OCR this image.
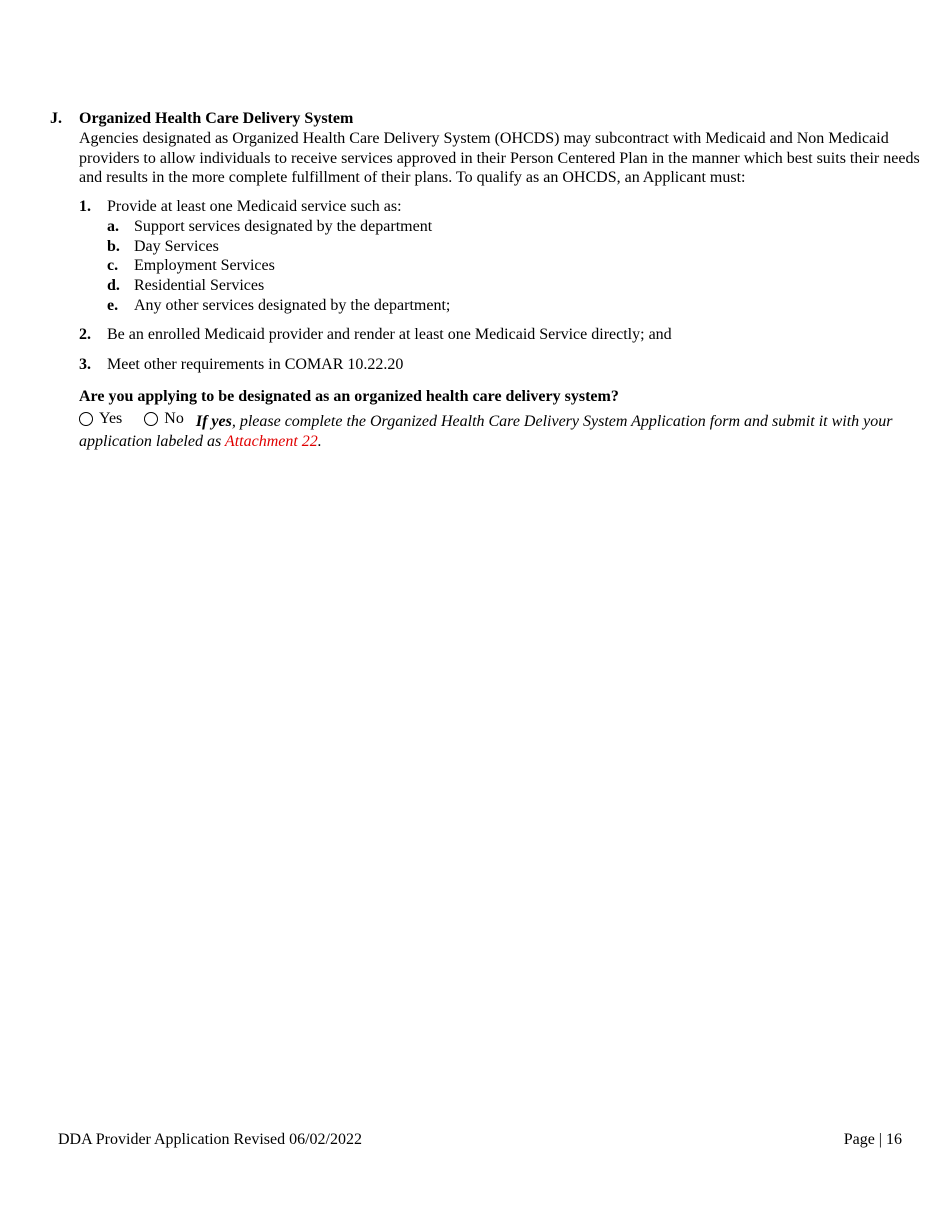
J.	Organized Health Care Delivery System
Agencies designated as Organized Health Care Delivery System (OHCDS) may subcontract with Medicaid and Non Medicaid providers to allow individuals to receive services approved in their Person Centered Plan in the manner which best suits their needs and results in the more complete fulfillment of their plans. To qualify as an OHCDS, an Applicant must:
1.	Provide at least one Medicaid service such as:
a. Support services designated by the department
b. Day Services
c. Employment Services
d. Residential Services
e. Any other services designated by the department;
2.	Be an enrolled Medicaid provider and render at least one Medicaid Service directly; and
3.	Meet other requirements in COMAR 10.22.20
Are you applying to be designated as an organized health care delivery system?
Yes	No If yes, please complete the Organized Health Care Delivery System Application form and submit it with your application labeled as Attachment 22.
DDA Provider Application Revised 06/02/2022	Page | 16
